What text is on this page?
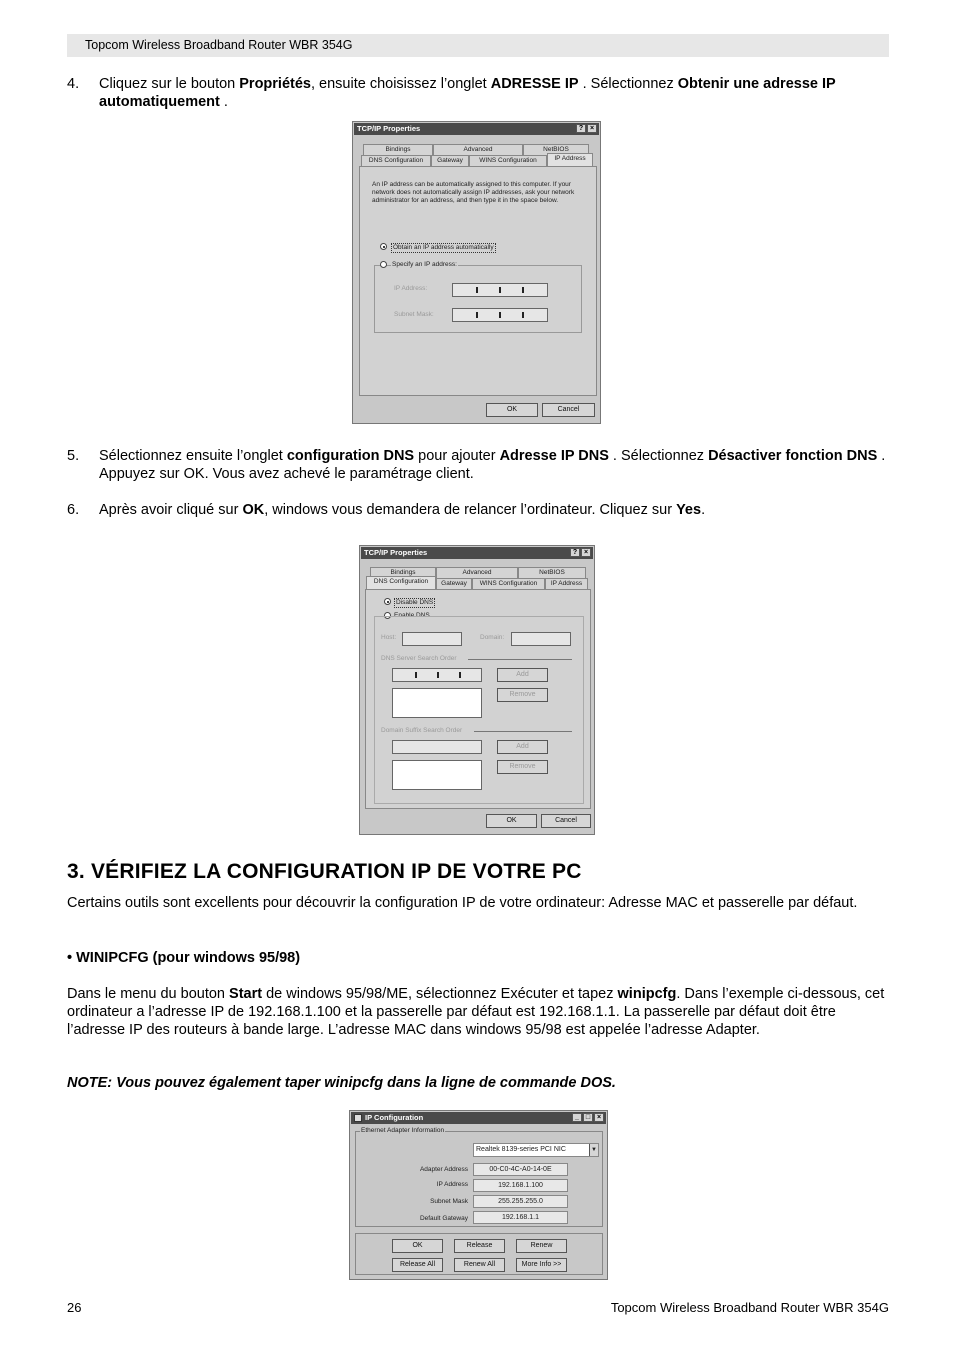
Topcom Wireless Broadband Router WBR 354G
4. Cliquez sur le bouton Propriétés, ensuite choisissez l’onglet ADRESSE IP . Sélectionnez Obtenir une adresse IP automatiquement .
TCP/IP Properties	? ×
Bindings	Advanced	NetBIOS
DNS Configuration	Gateway	WINS Configuration	IP Address
An IP address can be automatically assigned to this computer. If your network does not automatically assign IP addresses, ask your network administrator for an address, and then type it in the space below.
Obtain an IP address automatically
Specify an IP address:
IP Address:
Subnet Mask:
OK	Cancel
5. Sélectionnez ensuite l’onglet configuration DNS pour ajouter Adresse IP DNS . Sélectionnez Désactiver fonction DNS . Appuyez sur OK. Vous avez achevé le paramétrage client.
6. Après avoir cliqué sur OK, windows vous demandera de relancer l’ordinateur. Cliquez sur Yes.
TCP/IP Properties	? ×
Bindings	Advanced	NetBIOS
DNS Configuration	Gateway	WINS Configuration	IP Address
Disable DNS
Enable DNS
Host:	Domain:
DNS Server Search Order
Add
Remove
Domain Suffix Search Order
Add
Remove
OK	Cancel
3. VÉRIFIEZ LA CONFIGURATION IP DE VOTRE PC
Certains outils sont excellents pour découvrir la configuration IP de votre ordinateur: Adresse MAC et passerelle par défaut.
• WINIPCFG (pour windows 95/98)
Dans le menu du bouton Start de windows 95/98/ME, sélectionnez Exécuter et tapez winipcfg. Dans l’exemple ci-dessous, cet ordinateur a l’adresse IP de 192.168.1.100 et la passerelle par défaut est 192.168.1.1. La passerelle par défaut doit être l’adresse IP des routeurs à bande large. L’adresse MAC dans windows 95/98 est appelée l’adresse Adapter.
NOTE: Vous pouvez également taper winipcfg dans la ligne de commande DOS.
IP Configuration	_ □ ×
Ethernet Adapter Information
Realtek 8139-series PCI NIC	▼
Adapter Address	00-C0-4C-A0-14-0E
IP Address	192.168.1.100
Subnet Mask	255.255.255.0
Default Gateway	192.168.1.1
OK	Release	Renew
Release All	Renew All	More Info >>
26	Topcom Wireless Broadband Router WBR 354G
